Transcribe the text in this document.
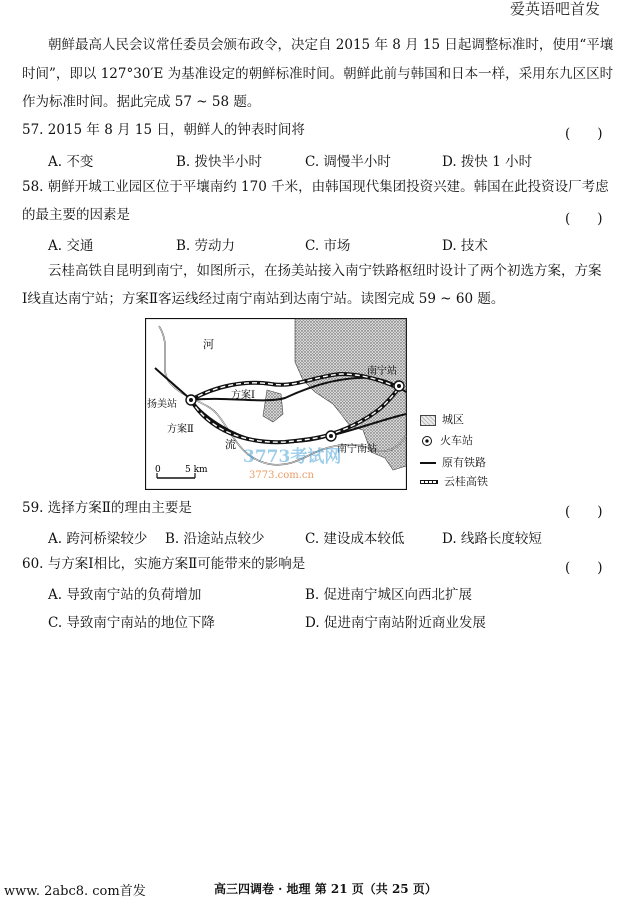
爱英语吧首发
朝鲜最高人民会议常任委员会颁布政令，决定自 2015 年 8 月 15 日起调整标准时，使用“平壤
时间”，即以 127°30′E 为基准设定的朝鲜标准时间。朝鲜此前与韩国和日本一样，采用东九区区时
作为标准时间。据此完成 57 ~ 58 题。
57. 2015 年 8 月 15 日，朝鲜人的钟表时间将	(　　)
A. 不变	B. 拨快半小时	C. 调慢半小时	D. 拨快 1 小时
58. 朝鲜开城工业园区位于平壤南约 170 千米，由韩国现代集团投资兴建。韩国在此投资设厂考虑
的最主要的因素是	(　　)
A. 交通	B. 劳动力	C. 市场	D. 技术
云桂高铁自昆明到南宁，如图所示，在扬美站接入南宁铁路枢纽时设计了两个初选方案，方案
Ⅰ线直达南宁站；方案Ⅱ客运线经过南宁南站到达南宁站。读图完成 59 ~ 60 题。
河
流
南宁站
南宁南站
扬美站
方案Ⅰ
方案Ⅱ
0	5 km
3773考试网
3773.com.cn
城区
火车站
原有铁路
云桂高铁
59. 选择方案Ⅱ的理由主要是	(　　)
A. 跨河桥梁较少 B. 沿途站点较少	C. 建设成本较低	D. 线路长度较短
60. 与方案Ⅰ相比，实施方案Ⅱ可能带来的影响是	(　　)
A. 导致南宁站的负荷增加	B. 促进南宁城区向西北扩展
C. 导致南宁南站的地位下降	D. 促进南宁南站附近商业发展
www. 2abc8. com首发	高三四调卷 · 地理 第 21 页（共 25 页）
